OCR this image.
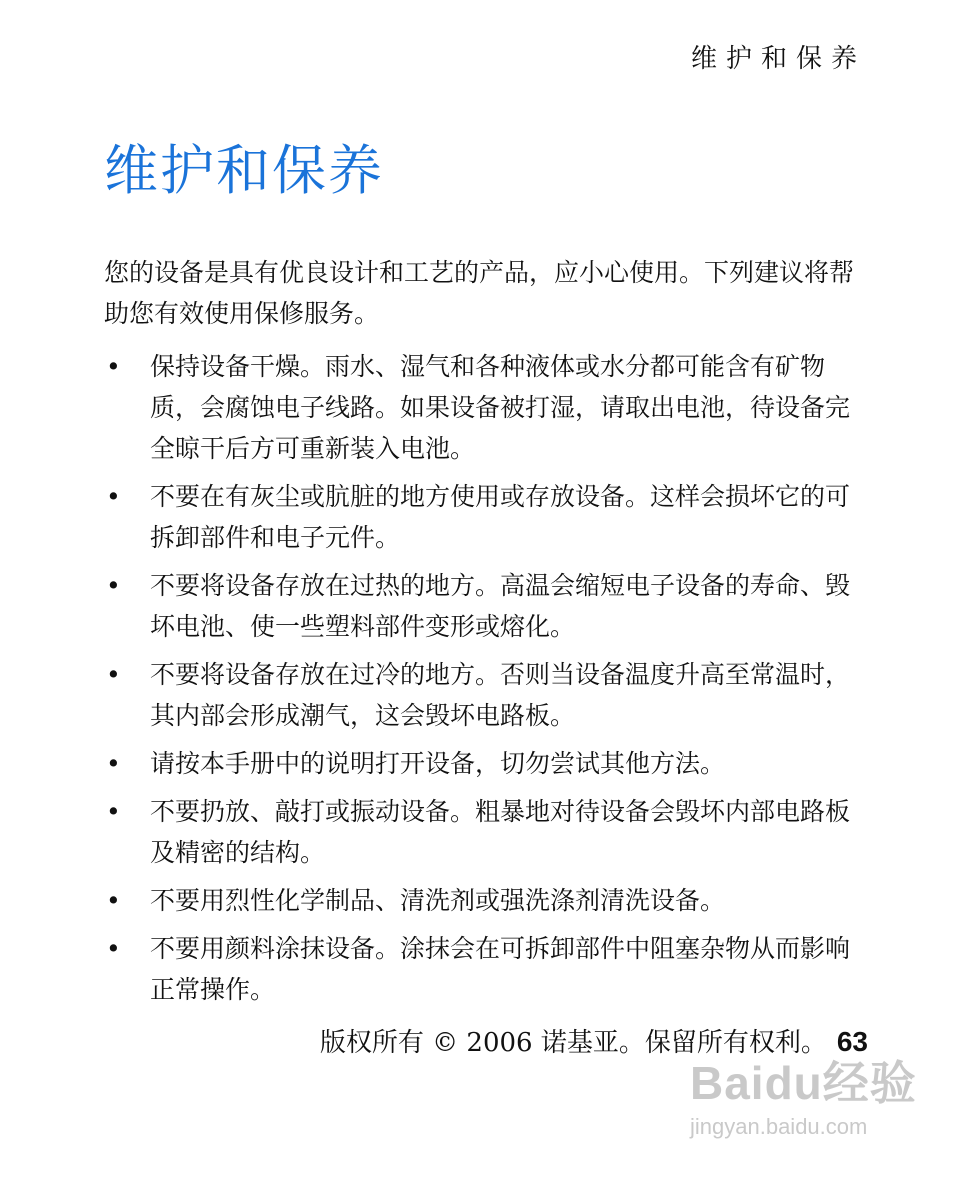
维护和保养
维护和保养

您的设备是具有优良设计和工艺的产品，应小心使用。下列建议将帮助您有效使用保修服务。

• 保持设备干燥。雨水、湿气和各种液体或水分都可能含有矿物质，会腐蚀电子线路。如果设备被打湿，请取出电池，待设备完全晾干后方可重新装入电池。
• 不要在有灰尘或肮脏的地方使用或存放设备。这样会损坏它的可拆卸部件和电子元件。
• 不要将设备存放在过热的地方。高温会缩短电子设备的寿命、毁坏电池、使一些塑料部件变形或熔化。
• 不要将设备存放在过冷的地方。否则当设备温度升高至常温时，其内部会形成潮气，这会毁坏电路板。
• 请按本手册中的说明打开设备，切勿尝试其他方法。
• 不要扔放、敲打或振动设备。粗暴地对待设备会毁坏内部电路板及精密的结构。
• 不要用烈性化学制品、清洗剂或强洗涤剂清洗设备。
• 不要用颜料涂抹设备。涂抹会在可拆卸部件中阻塞杂物从而影响正常操作。
版权所有 © 2006 诺基亚。保留所有权利。 63
Baidu经验
jingyan.baidu.com
